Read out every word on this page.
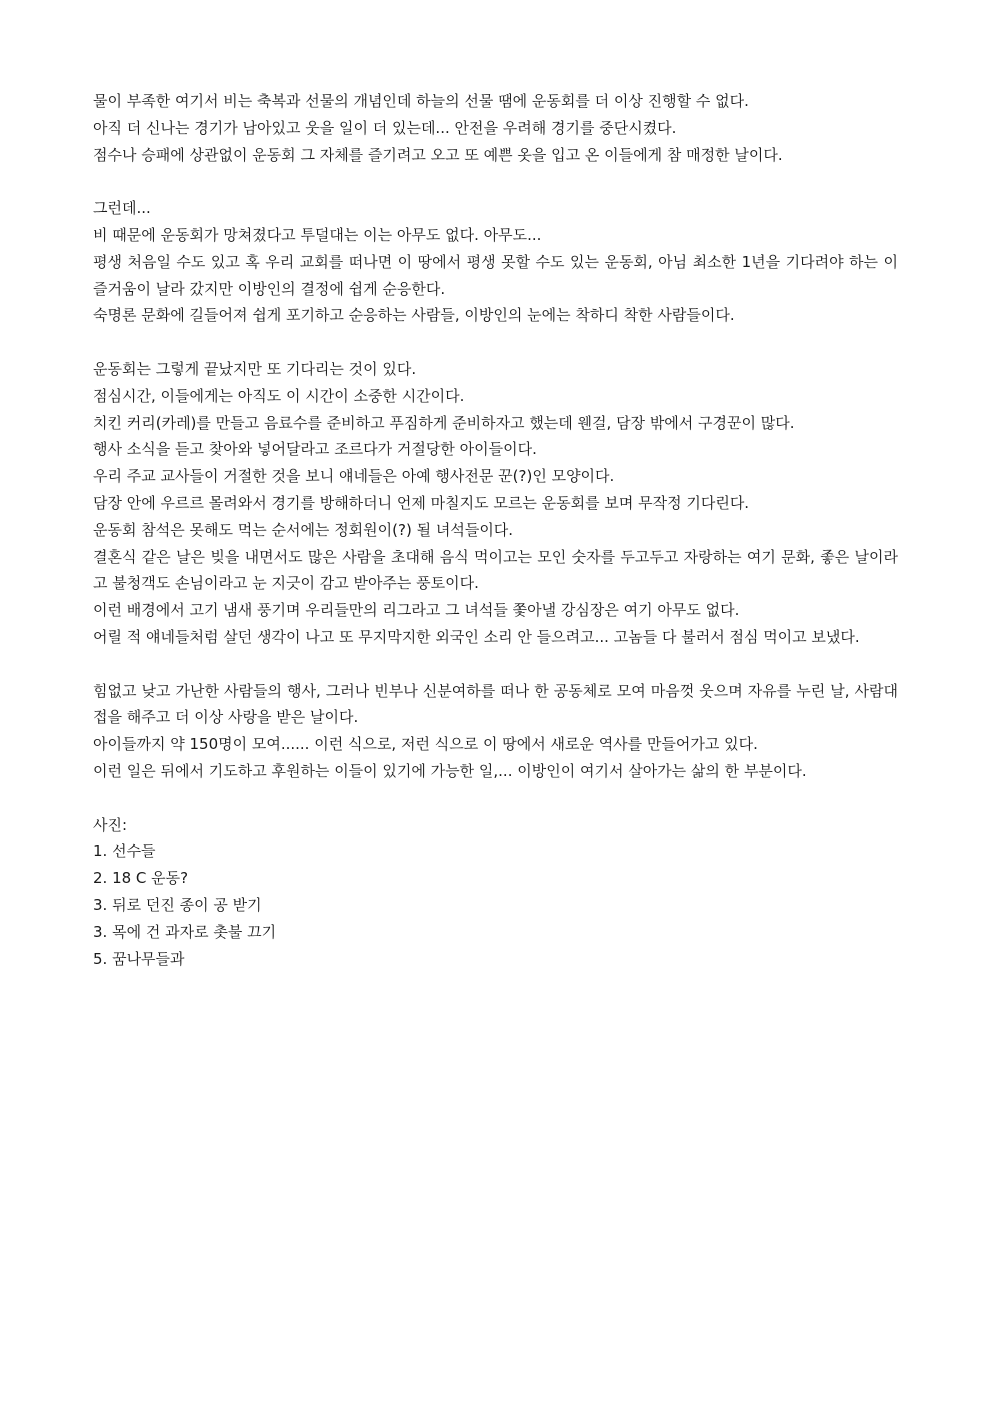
물이 부족한 여기서 비는 축복과 선물의 개념인데 하늘의 선물 땜에 운동회를 더 이상 진행할 수 없다.
아직 더 신나는 경기가 남아있고 웃을 일이 더 있는데... 안전을 우려해 경기를 중단시켰다.
점수나 승패에 상관없이 운동회 그 자체를 즐기려고 오고 또 예쁜 옷을 입고 온 이들에게 참 매정한 날이다.
그런데...
비 때문에 운동회가 망쳐졌다고 투덜대는 이는 아무도 없다. 아무도...
평생 처음일 수도 있고 혹 우리 교회를 떠나면 이 땅에서 평생 못할 수도 있는 운동회, 아님 최소한 1년을 기다려야 하는 이 즐거움이 날라 갔지만 이방인의 결정에 쉽게 순응한다.
숙명론 문화에 길들어져 쉽게 포기하고 순응하는 사람들, 이방인의 눈에는 착하디 착한 사람들이다.
운동회는 그렇게 끝났지만 또 기다리는 것이 있다.
점심시간, 이들에게는 아직도 이 시간이 소중한 시간이다.
치킨 커리(카레)를 만들고 음료수를 준비하고 푸짐하게 준비하자고 했는데 웬걸, 담장 밖에서 구경꾼이 많다.
행사 소식을 듣고 찾아와 넣어달라고 조르다가 거절당한 아이들이다.
우리 주교 교사들이 거절한 것을 보니 얘네들은 아예 행사전문 꾼(?)인 모양이다.
담장 안에 우르르 몰려와서 경기를 방해하더니 언제 마칠지도 모르는 운동회를 보며 무작정 기다린다.
운동회 참석은 못해도 먹는 순서에는 정회원이(?) 될 녀석들이다.
결혼식 같은 날은 빚을 내면서도 많은 사람을 초대해 음식 먹이고는 모인 숫자를 두고두고 자랑하는 여기 문화, 좋은 날이라고 불청객도 손님이라고 눈 지긋이 감고 받아주는 풍토이다.
이런 배경에서 고기 냄새 풍기며 우리들만의 리그라고 그 녀석들 쫓아낼 강심장은 여기 아무도 없다.
어릴 적 얘네들처럼 살던 생각이 나고 또 무지막지한 외국인 소리 안 들으려고... 고놈들 다 불러서 점심 먹이고 보냈다.
힘없고 낮고 가난한 사람들의 행사, 그러나 빈부나 신분여하를 떠나 한 공동체로 모여 마음껏 웃으며 자유를 누린 날, 사람대접을 해주고 더 이상 사랑을 받은 날이다.
아이들까지 약 150명이 모여...... 이런 식으로, 저런 식으로 이 땅에서 새로운 역사를 만들어가고 있다.
이런 일은 뒤에서 기도하고 후원하는 이들이 있기에 가능한 일,... 이방인이 여기서 살아가는 삶의 한 부분이다.
사진:
1. 선수들
2. 18 C 운동?
3. 뒤로 던진 종이 공 받기
3. 목에 건 과자로 촛불 끄기
5. 꿈나무들과
